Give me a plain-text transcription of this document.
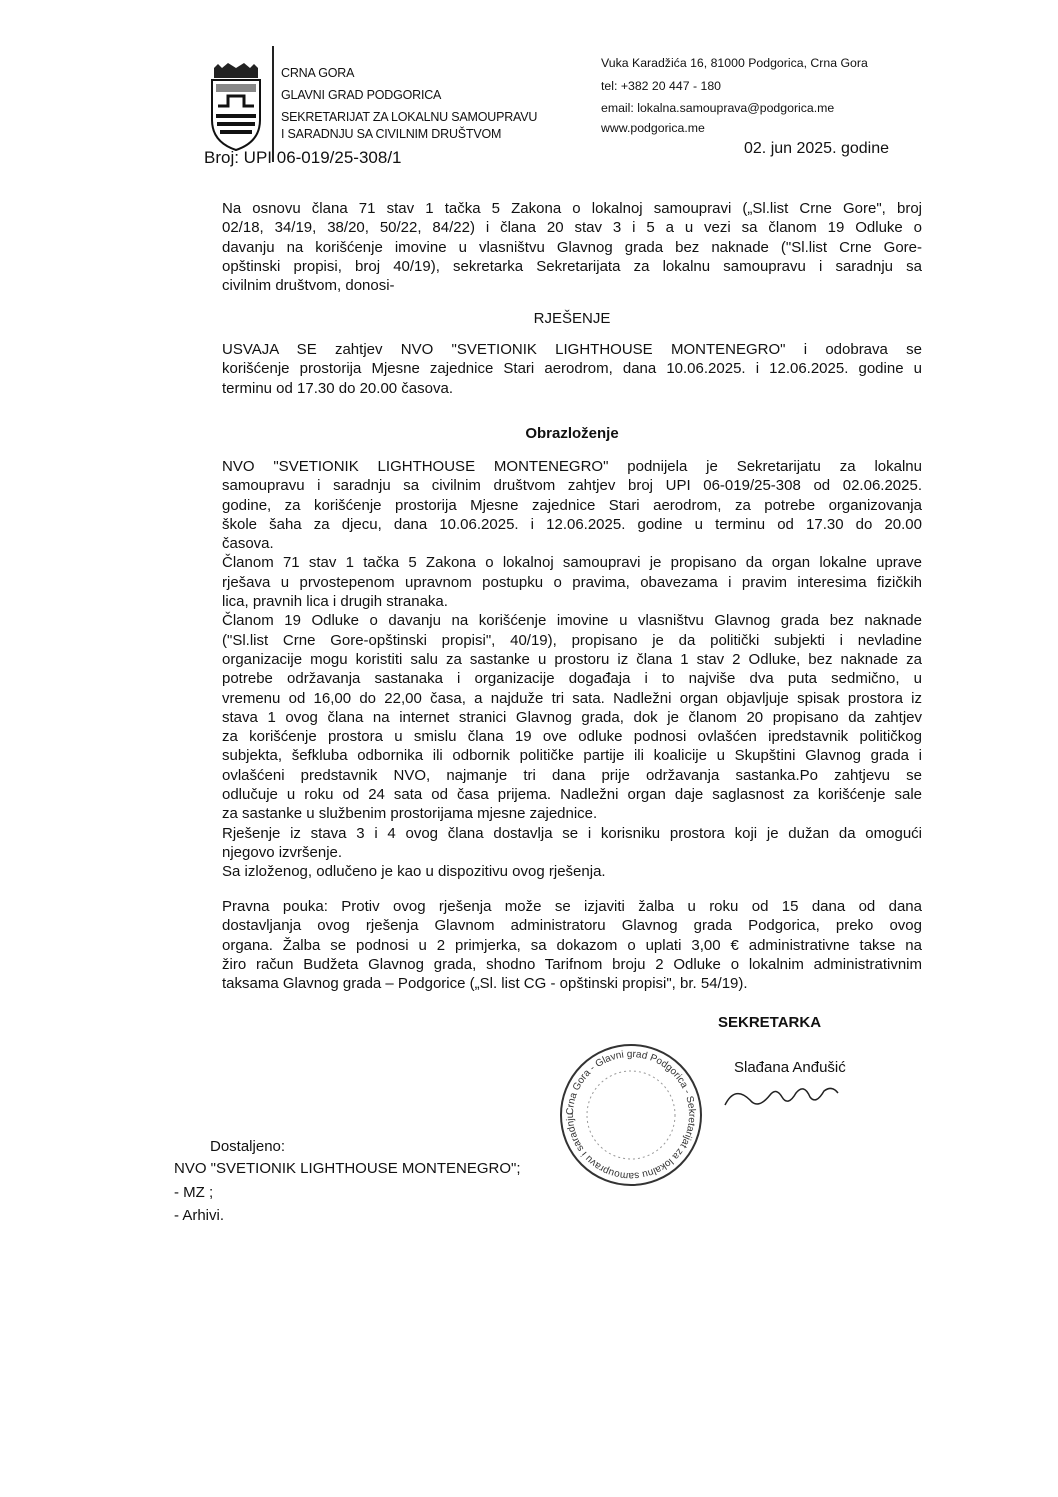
CRNA GORA
GLAVNI GRAD PODGORICA
SEKRETARIJAT ZA LOKALNU SAMOUPRAVU
I SARADNJU SA CIVILNIM DRUŠTVOM
Vuka Karadžića 16, 81000 Podgorica, Crna Gora
tel: +382 20 447 - 180
email: lokalna.samouprava@podgorica.me
www.podgorica.me
02. jun 2025. godine
Broj: UPI 06-019/25-308/1
Na osnovu člana 71 stav 1 tačka 5 Zakona o lokalnoj samoupravi („Sl.list Crne Gore", broj
02/18, 34/19, 38/20, 50/22, 84/22) i člana 20 stav 3 i 5 a u vezi sa članom 19 Odluke o
davanju na korišćenje imovine u vlasništvu Glavnog grada bez naknade ("Sl.list Crne Gore-
opštinski propisi, broj 40/19), sekretarka Sekretarijata za lokalnu samoupravu i saradnju sa
civilnim društvom, donosi-
RJEŠENJE
USVAJA SE zahtjev NVO "SVETIONIK LIGHTHOUSE MONTENEGRO" i odobrava se
korišćenje prostorija Mjesne zajednice Stari aerodrom, dana 10.06.2025. i 12.06.2025. godine u
terminu od 17.30 do 20.00 časova.
Obrazloženje
NVO "SVETIONIK LIGHTHOUSE MONTENEGRO" podnijela je Sekretarijatu za lokalnu
samoupravu i saradnju sa civilnim društvom zahtjev broj UPI 06-019/25-308 od 02.06.2025.
godine, za korišćenje prostorija Mjesne zajednice Stari aerodrom, za potrebe organizovanja
škole šaha za djecu, dana 10.06.2025. i 12.06.2025. godine u terminu od 17.30 do 20.00
časova.
Članom 71 stav 1 tačka 5 Zakona o lokalnoj samoupravi je propisano da organ lokalne uprave
rješava u prvostepenom upravnom postupku o pravima, obavezama i pravim interesima fizičkih
lica, pravnih lica i drugih stranaka.
Članom 19 Odluke o davanju na korišćenje imovine u vlasništvu Glavnog grada bez naknade
("Sl.list Crne Gore-opštinski propisi", 40/19), propisano je da politički subjekti i nevladine
organizacije mogu koristiti salu za sastanke u prostoru iz člana 1 stav 2 Odluke, bez naknade za
potrebe održavanja sastanaka i organizacije događaja i to najviše dva puta sedmično, u
vremenu od 16,00 do 22,00 časa, a najduže tri sata. Nadležni organ objavljuje spisak prostora iz
stava 1 ovog člana na internet stranici Glavnog grada, dok je članom 20 propisano da zahtjev
za korišćenje prostora u smislu člana 19 ove odluke podnosi ovlašćen ipredstavnik političkog
subjekta, šefkluba odbornika ili odbornik političke partije ili koalicije u Skupštini Glavnog grada i
ovlašćeni predstavnik NVO, najmanje tri dana prije održavanja sastanka.Po zahtjevu se
odlučuje u roku od 24 sata od časa prijema. Nadležni organ daje saglasnost za korišćenje sale
za sastanke u službenim prostorijama mjesne zajednice.
Rješenje iz stava 3 i 4 ovog člana dostavlja se i korisniku prostora koji je dužan da omogući
njegovo izvršenje.
Sa izloženog, odlučeno je kao u dispozitivu ovog rješenja.
Pravna pouka: Protiv ovog rješenja može se izjaviti žalba u roku od 15 dana od dana
dostavljanja ovog rješenja Glavnom administratoru Glavnog grada Podgorica, preko ovog
organa. Žalba se podnosi u 2 primjerka, sa dokazom o uplati 3,00 € administrativne takse na
žiro račun Budžeta Glavnog grada, shodno Tarifnom broju 2 Odluke o lokalnim administrativnim
taksama Glavnog grada – Podgorice („Sl. list CG - opštinski propisi", br. 54/19).
Crna Gora - Glavni grad Podgorica - Sekretarijat za lokalnu samoupravu i saradnju
SEKRETARKA
Slađana Anđušić
Dostaljeno:
NVO "SVETIONIK LIGHTHOUSE MONTENEGRO";
- MZ ;
- Arhivi.
